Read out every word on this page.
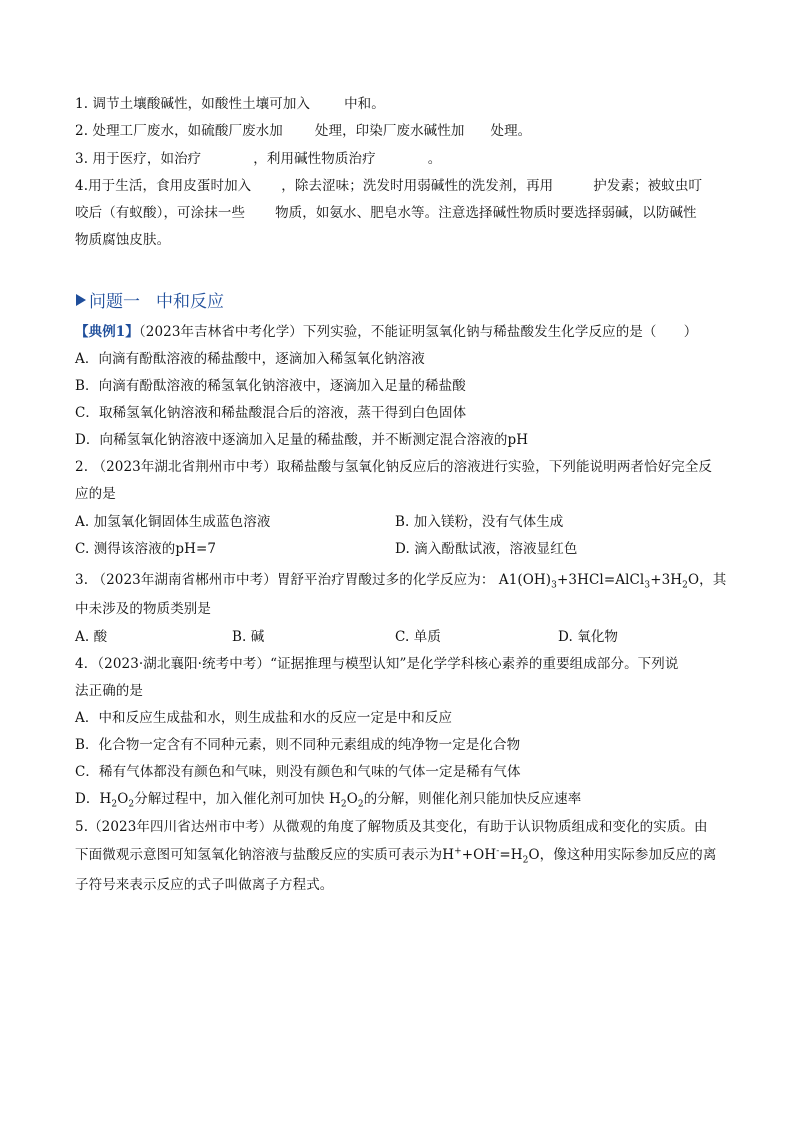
1. 调节土壤酸碱性，如酸性土壤可加入	中和。
2. 处理工厂废水，如硫酸厂废水加 处理，印染厂废水碱性加 处理。
3. 用于医疗，如治疗	，利用碱性物质治疗	。
4.用于生活，食用皮蛋时加入 ，除去涩味；洗发时用弱碱性的洗发剂，再用	护发素；被蚊虫叮
咬后（有蚁酸），可涂抹一些 物质，如氨水、肥皂水等。注意选择碱性物质时要选择弱碱，以防碱性
物质腐蚀皮肤。
问题一 中和反应
【典例1】（2023年吉林省中考化学）下列实验，不能证明氢氧化钠与稀盐酸发生化学反应的是（　　）
A．向滴有酚酞溶液的稀盐酸中，逐滴加入稀氢氧化钠溶液
B．向滴有酚酞溶液的稀氢氧化钠溶液中，逐滴加入足量的稀盐酸
C．取稀氢氧化钠溶液和稀盐酸混合后的溶液，蒸干得到白色固体
D．向稀氢氧化钠溶液中逐滴加入足量的稀盐酸，并不断测定混合溶液的pH
2. （2023年湖北省荆州市中考）取稀盐酸与氢氧化钠反应后的溶液进行实验，下列能说明两者恰好完全反
应的是
A. 加氢氧化铜固体生成蓝色溶液	B. 加入镁粉，没有气体生成
C. 测得该溶液的pH=7	D. 滴入酚酞试液，溶液显红色
3. （2023年湖南省郴州市中考）胃舒平治疗胃酸过多的化学反应为： $A1(OH)_3+3HCl=AlCl_3+3H_2O$，其
中未涉及的物质类别是
A. 酸	B. 碱	C. 单质	D. 氧化物
4．（2023·湖北襄阳·统考中考）“证据推理与模型认知”是化学学科核心素养的重要组成部分。下列说
法正确的是
A．中和反应生成盐和水，则生成盐和水的反应一定是中和反应
B．化合物一定含有不同种元素，则不同种元素组成的纯净物一定是化合物
C．稀有气体都没有颜色和气味，则没有颜色和气味的气体一定是稀有气体
D．$H_2O_2$分解过程中，加入催化剂可加快 $H_2O_2$的分解，则催化剂只能加快反应速率
5.（2023年四川省达州市中考）从微观的角度了解物质及其变化，有助于认识物质组成和变化的实质。由
下面微观示意图可知氢氧化钠溶液与盐酸反应的实质可表示为$H^++OH^-=H_2O$，像这种用实际参加反应的离
子符号来表示反应的式子叫做离子方程式。
